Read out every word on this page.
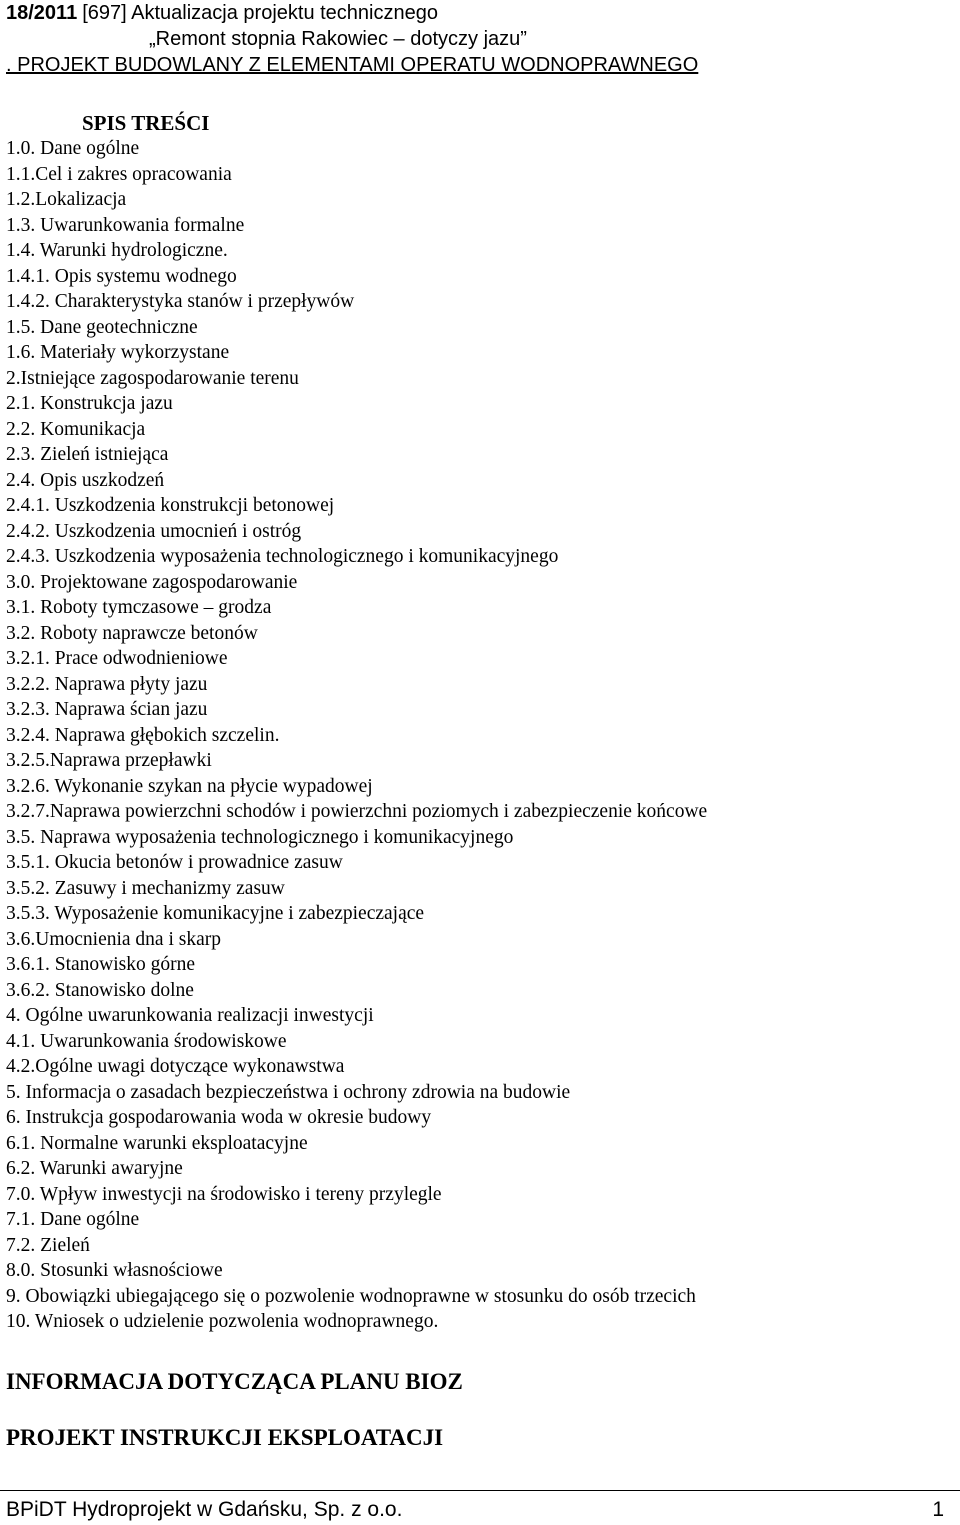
18/2011 [697] Aktualizacja projektu technicznego
„Remont stopnia Rakowiec – dotyczy jazu”
. PROJEKT BUDOWLANY Z ELEMENTAMI OPERATU WODNOPRAWNEGO
SPIS TREŚCI
1.0. Dane ogólne
1.1.Cel i zakres opracowania
1.2.Lokalizacja
1.3. Uwarunkowania formalne
1.4. Warunki hydrologiczne.
1.4.1. Opis systemu wodnego
1.4.2. Charakterystyka stanów i przepływów
1.5. Dane geotechniczne
1.6. Materiały wykorzystane
2.Istniejące zagospodarowanie terenu
2.1. Konstrukcja jazu
2.2. Komunikacja
2.3. Zieleń istniejąca
2.4. Opis uszkodzeń
2.4.1. Uszkodzenia konstrukcji betonowej
2.4.2. Uszkodzenia umocnień i ostróg
2.4.3. Uszkodzenia wyposażenia technologicznego i komunikacyjnego
3.0. Projektowane zagospodarowanie
3.1. Roboty tymczasowe – grodza
3.2. Roboty naprawcze betonów
3.2.1. Prace odwodnieniowe
3.2.2. Naprawa płyty jazu
3.2.3. Naprawa ścian jazu
3.2.4. Naprawa głębokich szczelin.
3.2.5.Naprawa przepławki
3.2.6. Wykonanie szykan na płycie wypadowej
3.2.7.Naprawa powierzchni schodów i powierzchni poziomych i zabezpieczenie końcowe
3.5. Naprawa wyposażenia technologicznego i komunikacyjnego
3.5.1. Okucia betonów i prowadnice zasuw
3.5.2. Zasuwy i mechanizmy zasuw
3.5.3. Wyposażenie komunikacyjne i zabezpieczające
3.6.Umocnienia dna i skarp
3.6.1. Stanowisko górne
3.6.2. Stanowisko dolne
4. Ogólne uwarunkowania realizacji inwestycji
4.1. Uwarunkowania środowiskowe
4.2.Ogólne uwagi dotyczące wykonawstwa
5. Informacja o zasadach bezpieczeństwa i ochrony zdrowia na budowie
6. Instrukcja gospodarowania woda w okresie budowy
6.1. Normalne warunki eksploatacyjne
6.2. Warunki awaryjne
7.0. Wpływ inwestycji na środowisko i tereny przylegle
7.1. Dane ogólne
7.2. Zieleń
8.0. Stosunki własnościowe
9. Obowiązki ubiegającego się o pozwolenie wodnoprawne w stosunku do osób trzecich
10. Wniosek o udzielenie pozwolenia wodnoprawnego.
INFORMACJA DOTYCZĄCA PLANU BIOZ
PROJEKT INSTRUKCJI EKSPLOATACJI
BPiDT Hydroprojekt w Gdańsku, Sp. z o.o.	1
